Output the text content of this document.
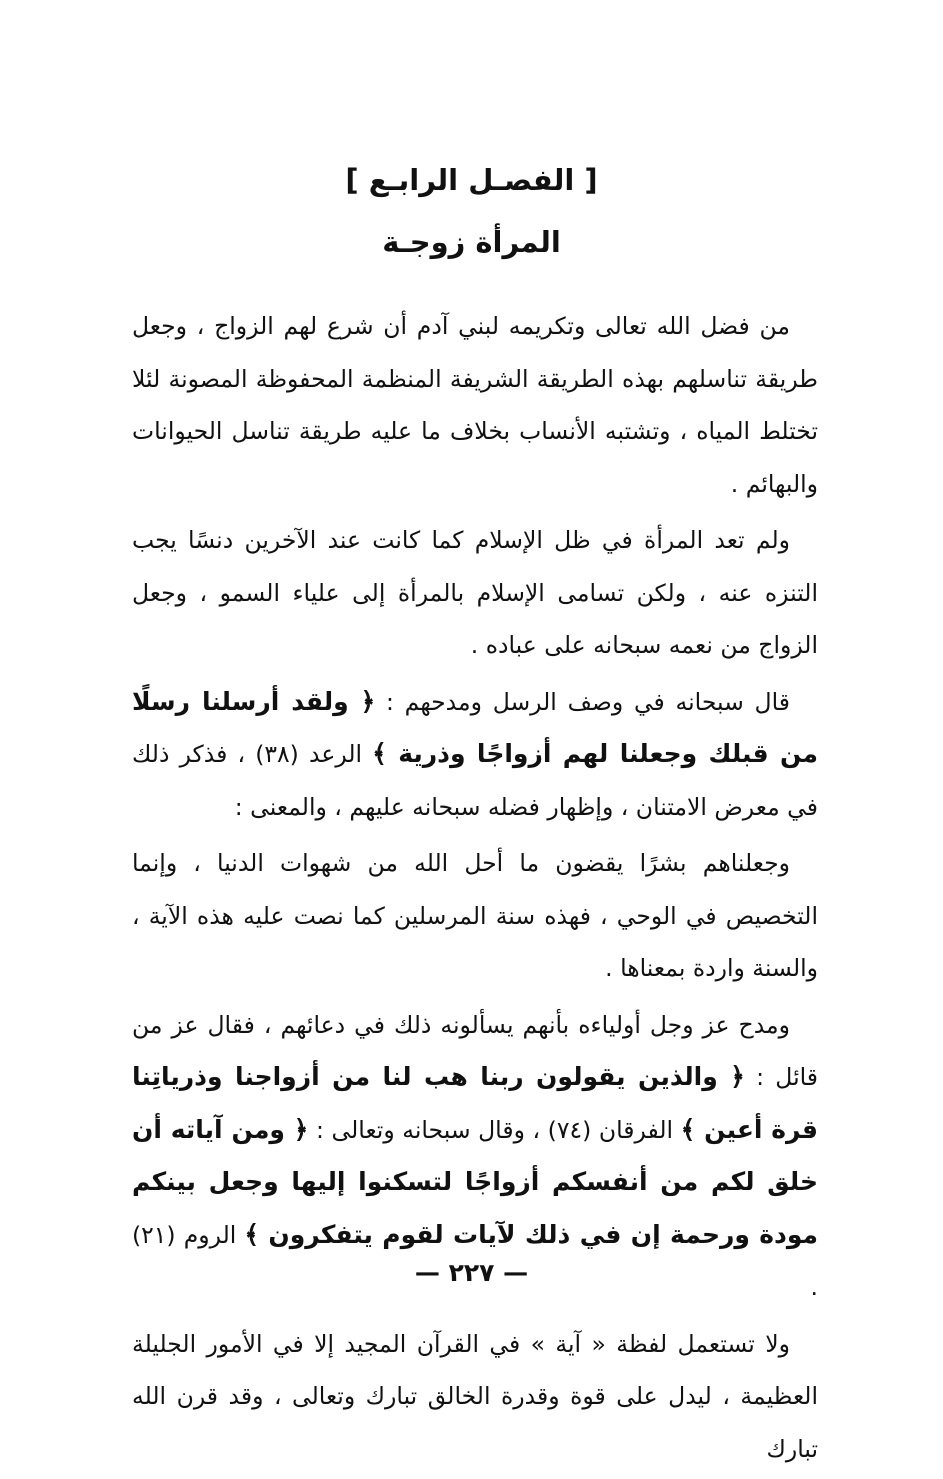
[ الفصـل الرابـع ]
المرأة زوجـة

من فضل الله تعالى وتكريمه لبني آدم أن شرع لهم الزواج ، وجعل طريقة تناسلهم بهذه الطريقة الشريفة المنظمة المحفوظة المصونة لئلا تختلط المياه ، وتشتبه الأنساب بخلاف ما عليه طريقة تناسل الحيوانات والبهائم .

ولم تعد المرأة في ظل الإسلام كما كانت عند الآخرين دنسًا يجب التنزه عنه ، ولكن تسامى الإسلام بالمرأة إلى علياء السمو ، وجعل الزواج من نعمه سبحانه على عباده .

قال سبحانه في وصف الرسل ومدحهم : ﴿ ولقد أرسلنا رسلًا من قبلك وجعلنا لهم أزواجًا وذرية ﴾ الرعد (٣٨) ، فذكر ذلك في معرض الامتنان ، وإظهار فضله سبحانه عليهم ، والمعنى :

وجعلناهم بشرًا يقضون ما أحل الله من شهوات الدنيا ، وإنما التخصيص في الوحي ، فهذه سنة المرسلين كما نصت عليه هذه الآية ، والسنة واردة بمعناها .

ومدح عز وجل أولياءه بأنهم يسألونه ذلك في دعائهم ، فقال عز من قائل : ﴿ والذين يقولون ربنا هب لنا من أزواجنا وذرياتِنا قرة أعين ﴾ الفرقان (٧٤) ، وقال سبحانه وتعالى : ﴿ ومن آياته أن خلق لكم من أنفسكم أزواجًا لتسكنوا إليها وجعل بينكم مودة ورحمة إن في ذلك لآيات لقوم يتفكرون ﴾ الروم (٢١) .

ولا تستعمل لفظة « آية » في القرآن المجيد إلا في الأمور الجليلة العظيمة ، ليدل على قوة وقدرة الخالق تبارك وتعالى ، وقد قرن الله تبارك

— ٢٢٧ —
